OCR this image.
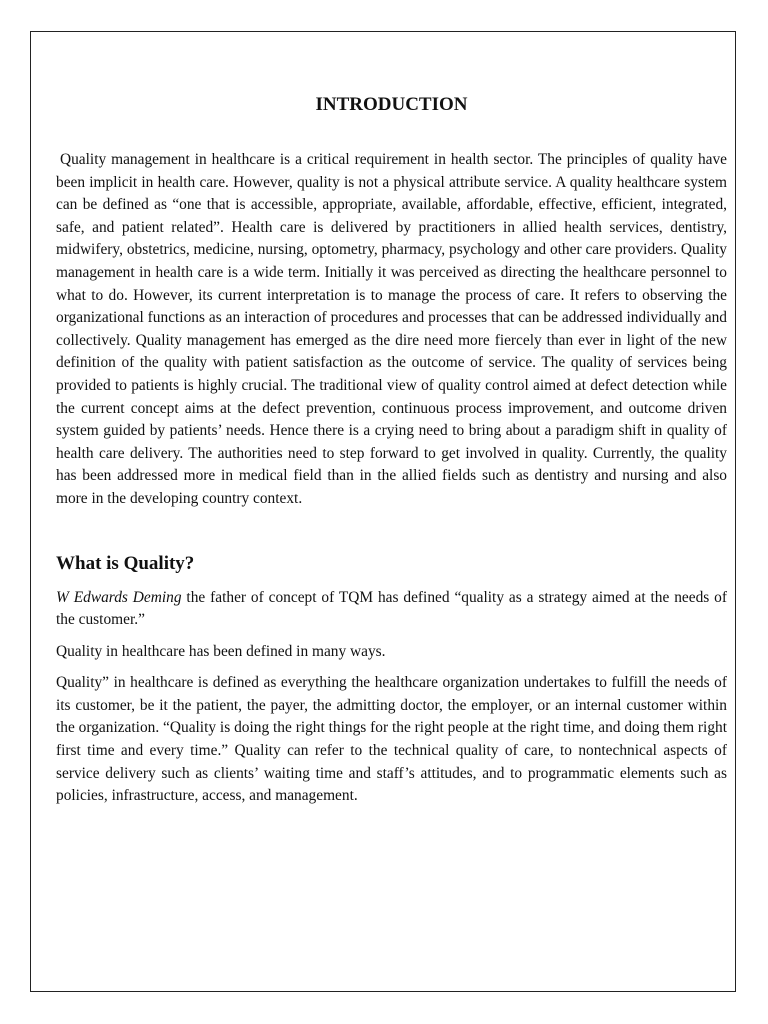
INTRODUCTION

Quality management in healthcare is a critical requirement in health sector. The principles of quality have been implicit in health care. However, quality is not a physical attribute service. A quality healthcare system can be defined as “one that is accessible, appropriate, available, affordable, effective, efficient, integrated, safe, and patient related”. Health care is delivered by practitioners in allied health services, dentistry, midwifery, obstetrics, medicine, nursing, optometry, pharmacy, psychology and other care providers. Quality management in health care is a wide term. Initially it was perceived as directing the healthcare personnel to what to do. However, its current interpretation is to manage the process of care. It refers to observing the organizational functions as an interaction of procedures and processes that can be addressed individually and collectively. Quality management has emerged as the dire need more fiercely than ever in light of the new definition of the quality with patient satisfaction as the outcome of service. The quality of services being provided to patients is highly crucial. The traditional view of quality control aimed at defect detection while the current concept aims at the defect prevention, continuous process improvement, and outcome driven system guided by patients’ needs. Hence there is a crying need to bring about a paradigm shift in quality of health care delivery. The authorities need to step forward to get involved in quality. Currently, the quality has been addressed more in medical field than in the allied fields such as dentistry and nursing and also more in the developing country context.

What is Quality?

W Edwards Deming the father of concept of TQM has defined “quality as a strategy aimed at the needs of the customer.”

Quality in healthcare has been defined in many ways.

Quality” in healthcare is defined as everything the healthcare organization undertakes to fulfill the needs of its customer, be it the patient, the payer, the admitting doctor, the employer, or an internal customer within the organization. “Quality is doing the right things for the right people at the right time, and doing them right first time and every time.” Quality can refer to the technical quality of care, to nontechnical aspects of service delivery such as clients’ waiting time and staff’s attitudes, and to programmatic elements such as policies, infrastructure, access, and management.
